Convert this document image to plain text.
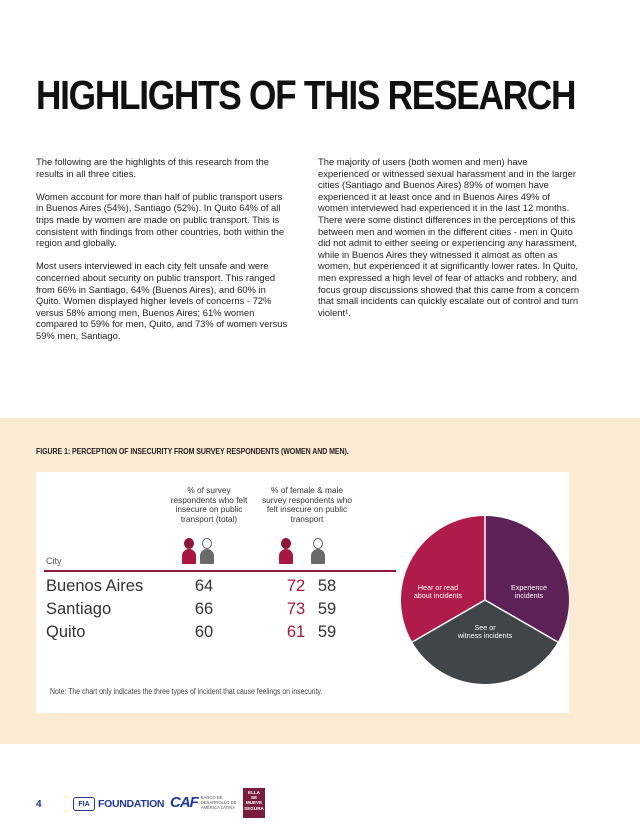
HIGHLIGHTS OF THIS RESEARCH

The following are the highlights of this research from the results in all three cities.

Women account for more than half of public transport users in Buenos Aires (54%), Santiago (52%). In Quito 64% of all trips made by women are made on public transport. This is consistent with findings from other countries, both within the region and globally.

Most users interviewed in each city felt unsafe and were concerned about security on public transport. This ranged from 66% in Santiago, 64% (Buenos Aires), and 60% in Quito. Women displayed higher levels of concerns - 72% versus 58% among men, Buenos Aires; 61% women compared to 59% for men, Quito, and 73% of women versus 59% men, Santiago.

The majority of users (both women and men) have experienced or witnessed sexual harassment and in the larger cities (Santiago and Buenos Aires) 89% of women have experienced it at least once and in Buenos Aires 49% of women interviewed had experienced it in the last 12 months. There were some distinct differences in the perceptions of this between men and women in the different cities - men in Quito did not admit to either seeing or experiencing any harassment, while in Buenos Aires they witnessed it almost as often as women, but experienced it at significantly lower rates. In Quito, men expressed a high level of fear of attacks and robbery, and focus group discussions showed that this came from a concern that small incidents can quickly escalate out of control and turn violent¹.

FIGURE 1: PERCEPTION OF INSECURITY FROM SURVEY RESPONDENTS (WOMEN AND MEN).
% of survey respondents who felt insecure on public transport (total)
% of female & male survey respondents who felt insecure on public transport
City
Buenos Aires	64	72 58
Santiago	66	73 59
Quito	60	61 59
Hear or read
about incidents
Experience
incidents
See or
witness incidents
Note: The chart only indicates the three types of incident that cause feelings on insecurity.
4	FIA FOUNDATION CAF BANCO DE DESARROLLO DE AMÉRICA LATINA
ELLA
SE
MUEVE
SEGURA
